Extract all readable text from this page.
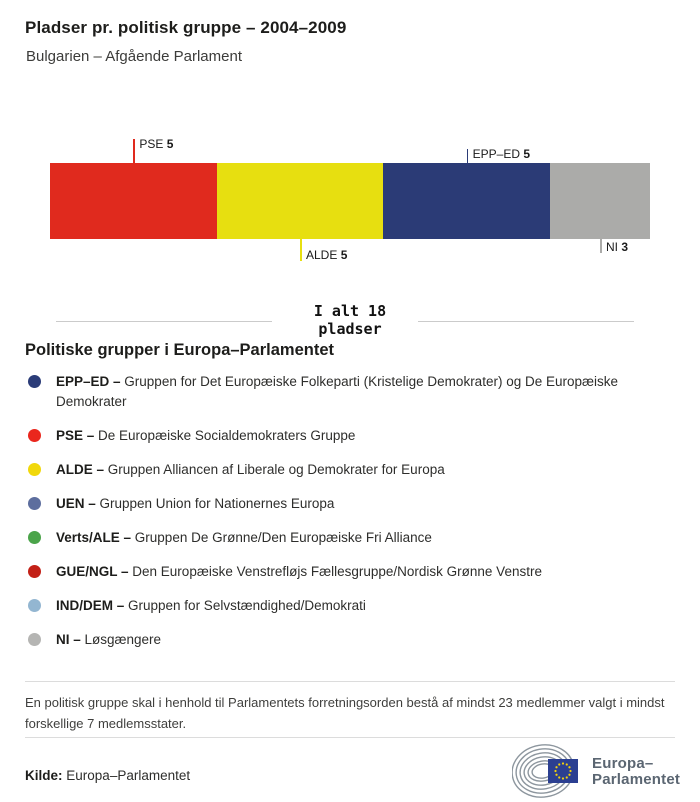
Pladser pr. politisk gruppe – 2004–2009
Bulgarien – Afgående Parlament
PSE 5
ALDE 5
EPP–ED 5
NI 3
I alt 18 pladser
Politiske grupper i Europa–Parlamentet
EPP–ED – Gruppen for Det Europæiske Folkeparti (Kristelige Demokrater) og De Europæiske Demokrater
PSE – De Europæiske Socialdemokraters Gruppe
ALDE – Gruppen Alliancen af Liberale og Demokrater for Europa
UEN – Gruppen Union for Nationernes Europa
Verts/ALE – Gruppen De Grønne/Den Europæiske Fri Alliance
GUE/NGL – Den Europæiske Venstrefløjs Fællesgruppe/Nordisk Grønne Venstre
IND/DEM – Gruppen for Selvstændighed/Demokrati
NI – Løsgængere
En politisk gruppe skal i henhold til Parlamentets forretningsorden bestå af mindst 23 medlemmer valgt i mindst forskellige 7 medlemsstater.
Kilde: Europa–Parlamentet
Europa–
Parlamentet
